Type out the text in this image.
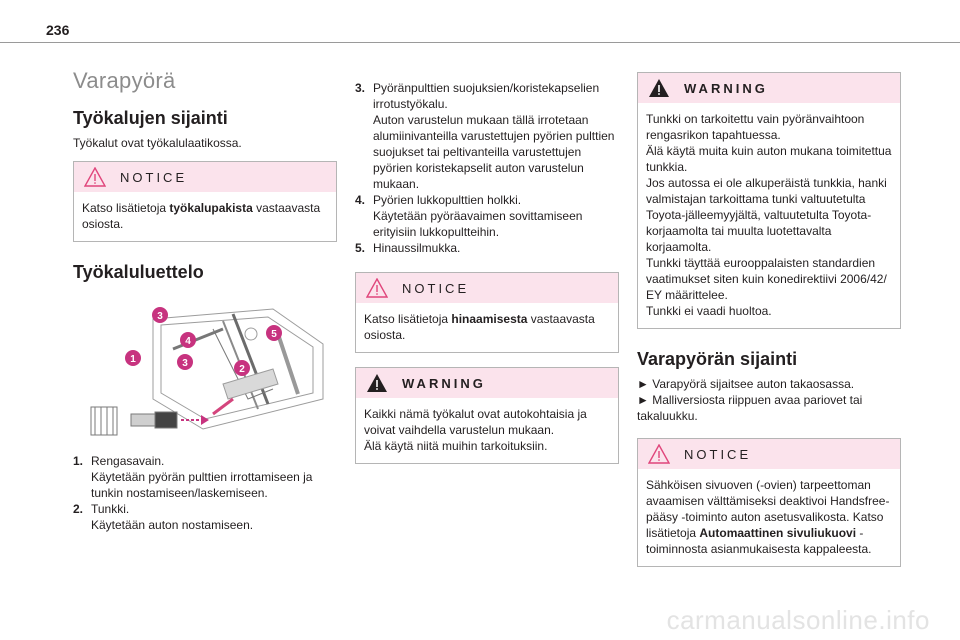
236
Varapyörä
Työkalujen sijainti

Työkalut ovat työkalulaatikossa.

NOTICE
Katso lisätietoja työkalupakista vastaavasta osiosta.
Työkaluluettelo
3
4
5
1	3
2
1. Rengasavain.
Käytetään pyörän pulttien irrottamiseen ja tunkin nostamiseen/laskemiseen.
2. Tunkki.
Käytetään auton nostamiseen.
3. Pyöränpulttien suojuksien/koristekapselien irrotustyökalu.
Auton varustelun mukaan tällä irrotetaan alumiinivanteilla varustettujen pyörien pulttien suojukset tai peltivanteilla varustettujen pyörien koristekapselit auton varustelun mukaan.
4. Pyörien lukkopulttien holkki.
Käytetään pyöräavaimen sovittamiseen erityisiin lukkopultteihin.
5. Hinaussilmukka.
NOTICE
Katso lisätietoja hinaamisesta vastaavasta osiosta.
WARNING
Kaikki nämä työkalut ovat autokohtaisia ja voivat vaihdella varustelun mukaan.
Älä käytä niitä muihin tarkoituksiin.
WARNING
Tunkki on tarkoitettu vain pyöränvaihtoon rengasrikon tapahtuessa.
Älä käytä muita kuin auton mukana toimitettua tunkkia.
Jos autossa ei ole alkuperäistä tunkkia, hanki valmistajan tarkoittama tunki valtuutetulta Toyota-jälleemyyjältä, valtuutetulta Toyota-korjaamolta tai muulta luotettavalta korjaamolta.
Tunkki täyttää eurooppalaisten standardien vaatimukset siten kuin konedirektiivi 2006/42/ EY määrittelee.
Tunkki ei vaadi huoltoa.
Varapyörän sijainti
► Varapyörä sijaitsee auton takaosassa.
► Malliversiosta riippuen avaa pariovet tai takaluukku.
NOTICE
Sähköisen sivuoven (-ovien) tarpeettoman avaamisen välttämiseksi deaktivoi Handsfree-pääsy -toiminto auton asetusvalikosta. Katso lisätietoja Automaattinen sivuliukuovi -toiminnosta asianmukaisesta kappaleesta.
carmanualsonline.info
